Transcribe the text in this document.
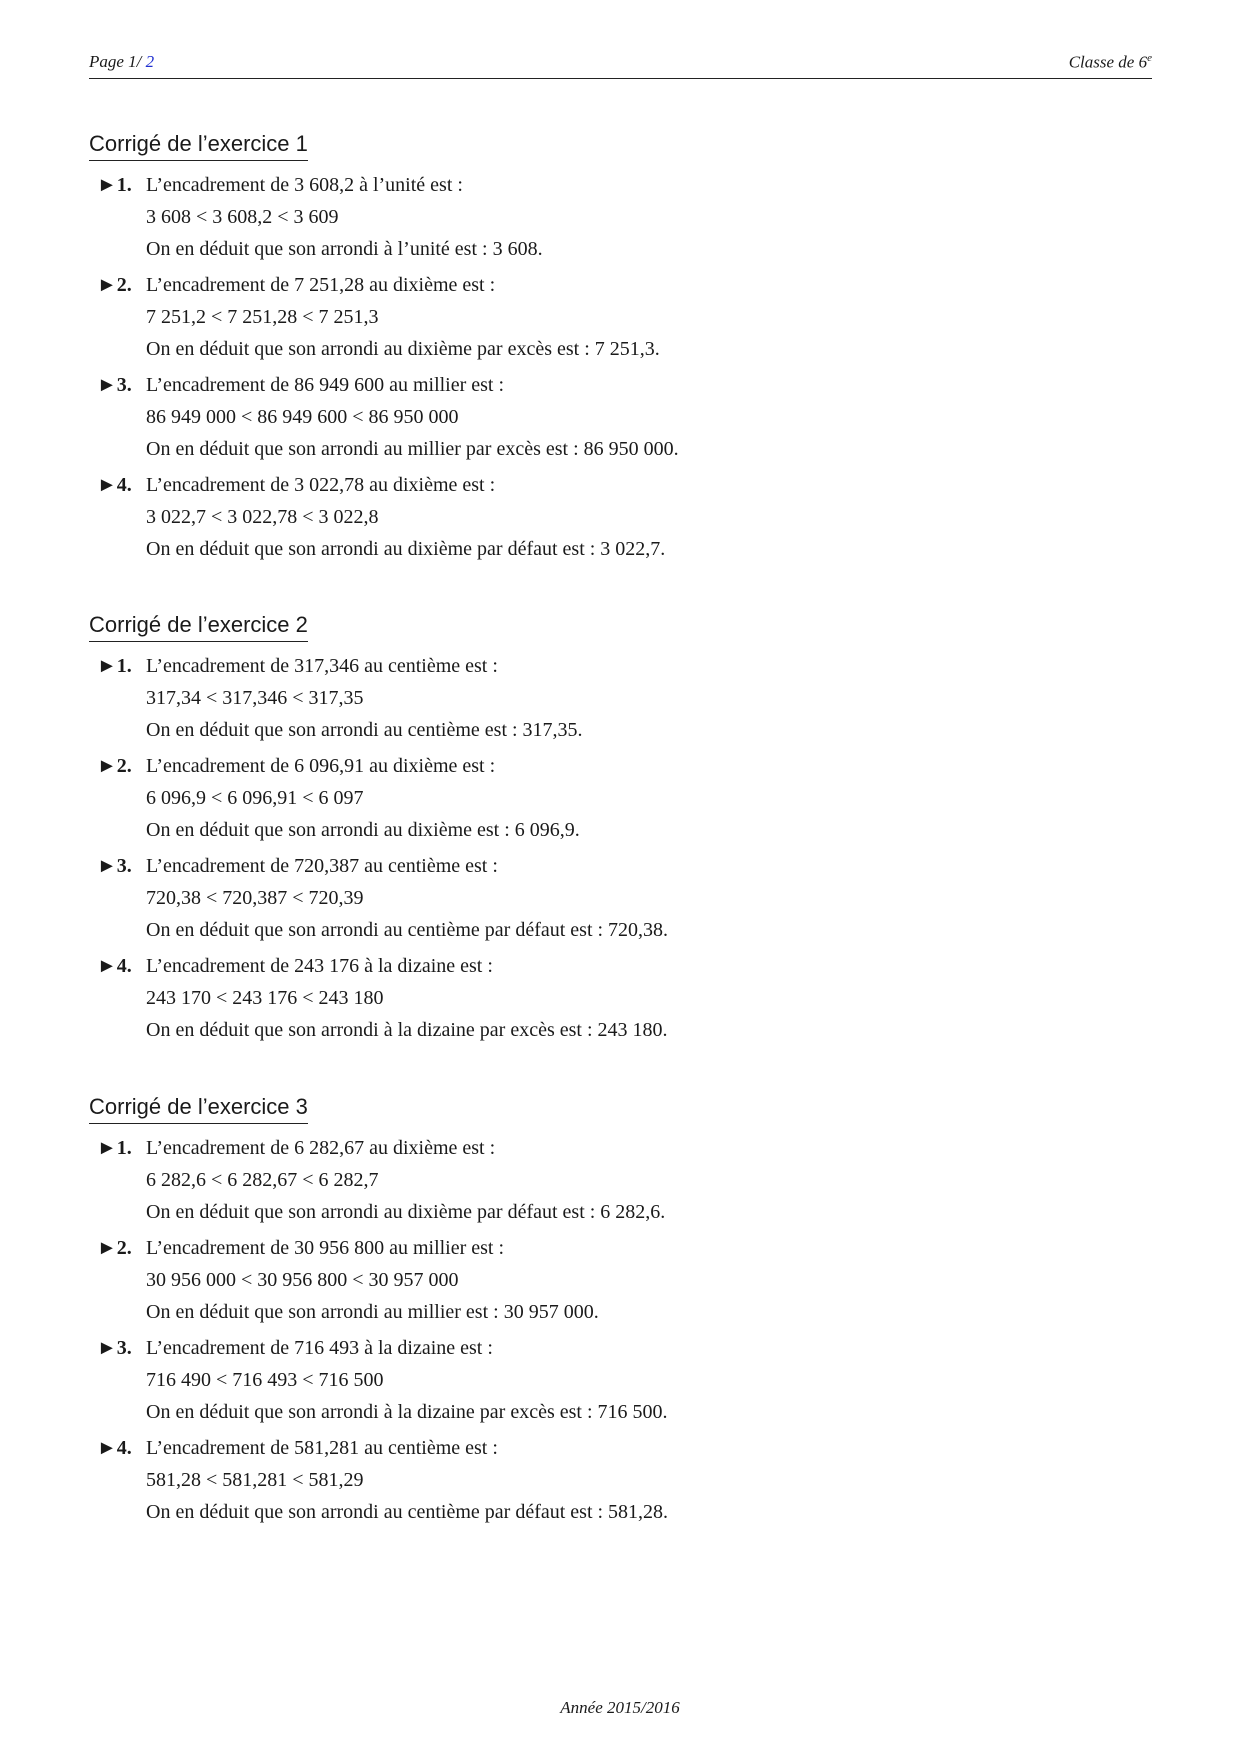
Page 1/ 2	Classe de 6e
Corrigé de l’exercice 1
►1. L’encadrement de 3 608,2 à l’unité est :
3 608 < 3 608,2 < 3 609
On en déduit que son arrondi à l’unité est : 3 608.
►2. L’encadrement de 7 251,28 au dixième est :
7 251,2 < 7 251,28 < 7 251,3
On en déduit que son arrondi au dixième par excès est : 7 251,3.
►3. L’encadrement de 86 949 600 au millier est :
86 949 000 < 86 949 600 < 86 950 000
On en déduit que son arrondi au millier par excès est : 86 950 000.
►4. L’encadrement de 3 022,78 au dixième est :
3 022,7 < 3 022,78 < 3 022,8
On en déduit que son arrondi au dixième par défaut est : 3 022,7.
Corrigé de l’exercice 2
►1. L’encadrement de 317,346 au centième est :
317,34 < 317,346 < 317,35
On en déduit que son arrondi au centième est : 317,35.
►2. L’encadrement de 6 096,91 au dixième est :
6 096,9 < 6 096,91 < 6 097
On en déduit que son arrondi au dixième est : 6 096,9.
►3. L’encadrement de 720,387 au centième est :
720,38 < 720,387 < 720,39
On en déduit que son arrondi au centième par défaut est : 720,38.
►4. L’encadrement de 243 176 à la dizaine est :
243 170 < 243 176 < 243 180
On en déduit que son arrondi à la dizaine par excès est : 243 180.
Corrigé de l’exercice 3
►1. L’encadrement de 6 282,67 au dixième est :
6 282,6 < 6 282,67 < 6 282,7
On en déduit que son arrondi au dixième par défaut est : 6 282,6.
►2. L’encadrement de 30 956 800 au millier est :
30 956 000 < 30 956 800 < 30 957 000
On en déduit que son arrondi au millier est : 30 957 000.
►3. L’encadrement de 716 493 à la dizaine est :
716 490 < 716 493 < 716 500
On en déduit que son arrondi à la dizaine par excès est : 716 500.
►4. L’encadrement de 581,281 au centième est :
581,28 < 581,281 < 581,29
On en déduit que son arrondi au centième par défaut est : 581,28.
Année 2015/2016
